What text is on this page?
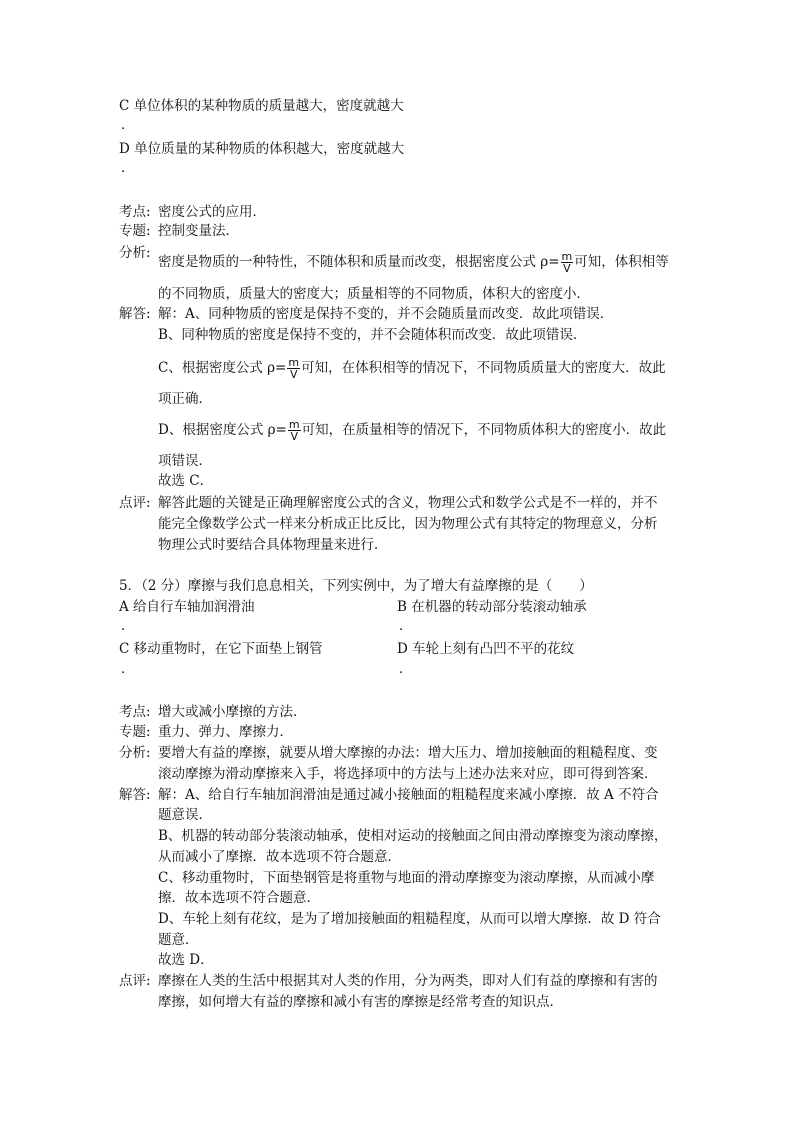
C 单位体积的某种物质的质量越大，密度就越大
．
D 单位质量的某种物质的体积越大，密度就越大
．
考点: 密度公式的应用．
专题: 控制变量法．
分析:
密度是物质的一种特性，不随体积和质量而改变，根据密度公式 $\rho= \frac{m}{V}$ 可知，体积相等
的不同物质，质量大的密度大；质量相等的不同物质，体积大的密度小．
解答: 解：A、同种物质的密度是保持不变的，并不会随质量而改变．故此项错误．
B、同种物质的密度是保持不变的，并不会随体积而改变．故此项错误．
C、根据密度公式 $\rho= \frac{m}{V}$ 可知，在体积相等的情况下，不同物质质量大的密度大．故此
项正确．
D、根据密度公式 $\rho= \frac{m}{V}$ 可知，在质量相等的情况下，不同物质体积大的密度小．故此
项错误．
故选 C．
点评: 解答此题的关键是正确理解密度公式的含义，物理公式和数学公式是不一样的，并不
能完全像数学公式一样来分析成正比反比，因为物理公式有其特定的物理意义，分析
物理公式时要结合具体物理量来进行．
5．（2 分）摩擦与我们息息相关，下列实例中，为了增大有益摩擦的是（　　）
A 给自行车轴加润滑油	B 在机器的转动部分装滚动轴承
．	．
C 移动重物时，在它下面垫上钢管	D 车轮上刻有凸凹不平的花纹
．	．
考点: 增大或减小摩擦的方法．
专题: 重力、弹力、摩擦力．
分析: 要增大有益的摩擦，就要从增大摩擦的办法：增大压力、增加接触面的粗糙程度、变
滚动摩擦为滑动摩擦来入手，将选择项中的方法与上述办法来对应，即可得到答案．
解答: 解：A、给自行车轴加润滑油是通过减小接触面的粗糙程度来减小摩擦．故 A 不符合
题意误．
B、机器的转动部分装滚动轴承，使相对运动的接触面之间由滑动摩擦变为滚动摩擦，
从而减小了摩擦．故本选项不符合题意．
C、移动重物时，下面垫钢管是将重物与地面的滑动摩擦变为滚动摩擦，从而减小摩
擦．故本选项不符合题意．
D、车轮上刻有花纹，是为了增加接触面的粗糙程度，从而可以增大摩擦．故 D 符合
题意．
故选 D．
点评: 摩擦在人类的生活中根据其对人类的作用，分为两类，即对人们有益的摩擦和有害的
摩擦，如何增大有益的摩擦和减小有害的摩擦是经常考查的知识点．
